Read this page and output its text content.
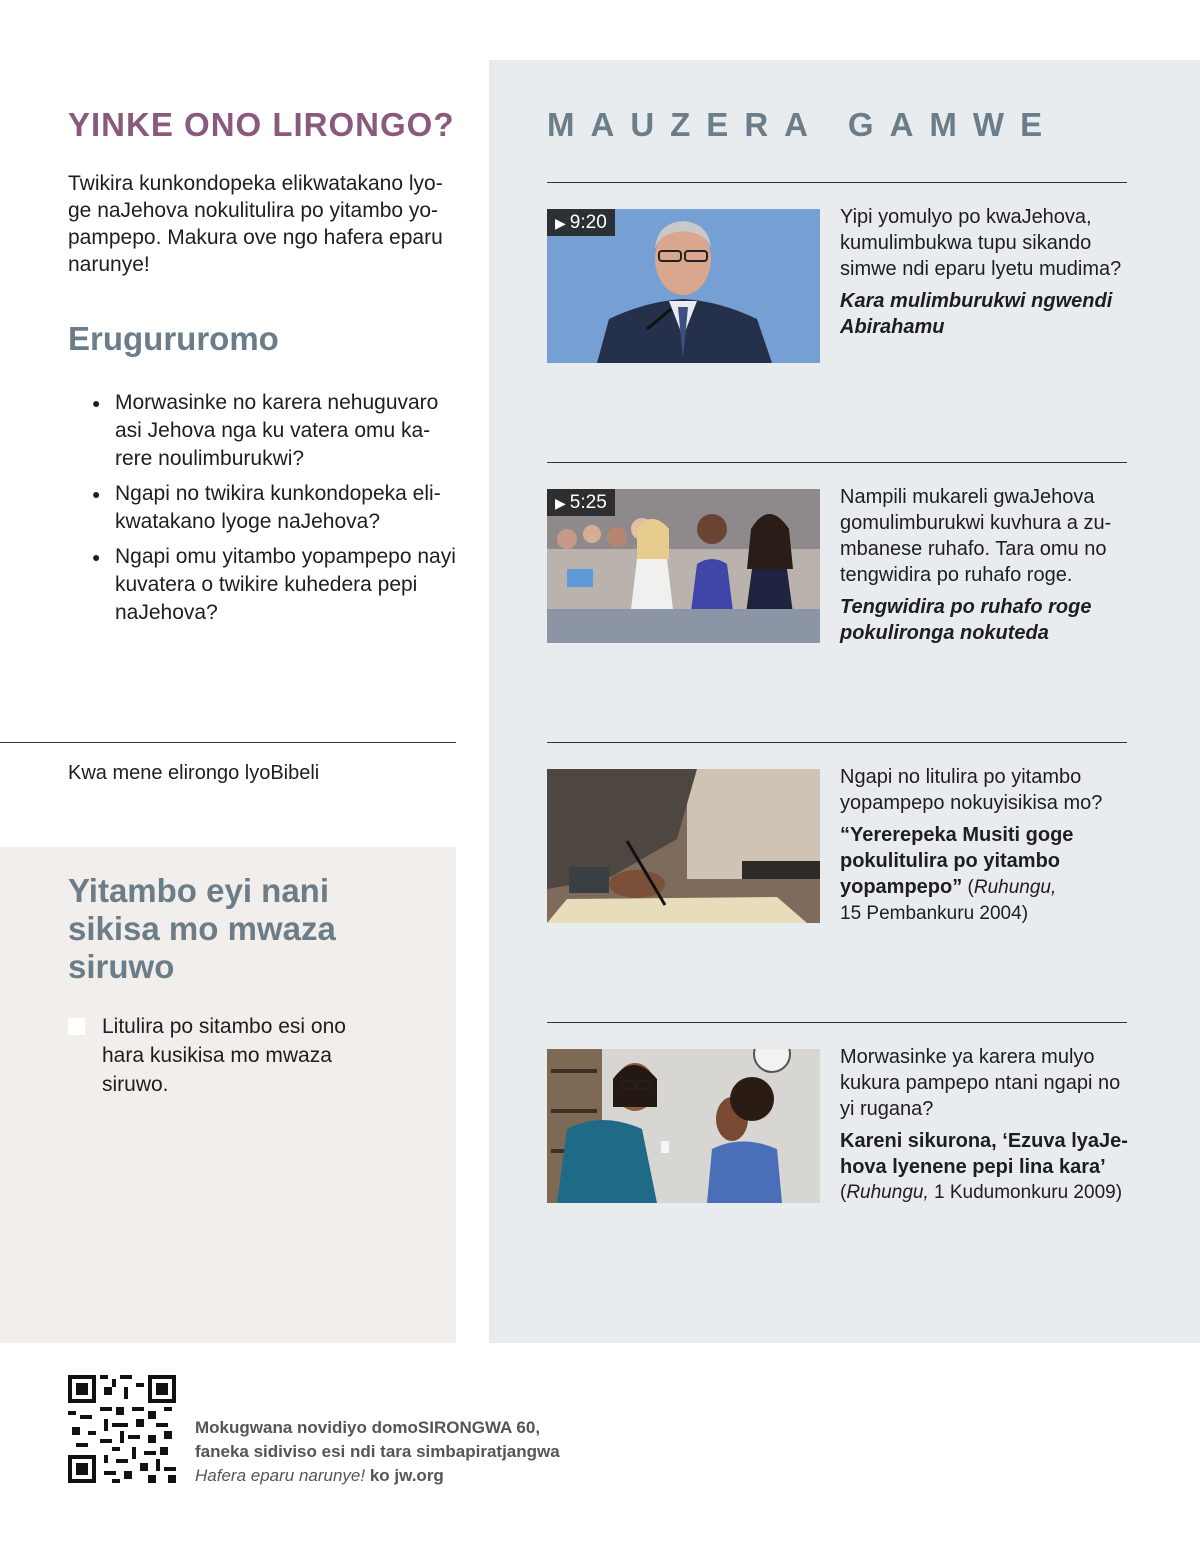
YINKE ONO LIRONGO?

Twikira kunkondopeka elikwatakano lyo-ge naJehova nokulitulira po yitambo yo-pampepo. Makura ove ngo hafera eparu narunye!

Erugururomo
● Morwasinke no karera nehuguvaro asi Jehova nga ku vatera omu ka-rere noulimburukwi?
● Ngapi no twikira kunkondopeka eli-kwatakano lyoge naJehova?
● Ngapi omu yitambo yopampepo nayi kuvatera o twikire kuhedera pepi naJehova?

Kwa mene elirongo lyoBibeli

Yitambo eyi nani sikisa mo mwaza siruwo

Litulira po sitambo esi ono hara kusikisa mo mwaza siruwo.

MAUZERA GAMWE
▶ 9:20	Yipi yomulyo po kwaJehova, kumulimbukwa tupu sikando simwe ndi eparu lyetu mudima?

Kara mulimburukwi ngwendi Abirahamu

▶ 5:25	Nampili mukareli gwaJehova gomulimburukwi kuvhura a zu-mbanese ruhafo. Tara omu no tengwidira po ruhafo roge.

Tengwidira po ruhafo roge pokulironga nokuteda

Ngapi no litulira po yitambo yopampepo nokuyisikisa mo?

“Yererepeka Musiti goge pokulitulira po yitambo yopampepo” (Ruhungu,

15 Pembankuru 2004)

Morwasinke ya karera mulyo kukura pampepo ntani ngapi no yi rugana?

Kareni sikurona, ‘Ezuva lyaJe-hova lyenene pepi lina kara’

(Ruhungu, 1 Kudumonkuru 2009)

Mokugwana novidiyo domoSIRONGWA 60,
faneka sidiviso esi ndi tara simbapiratjangwa
Hafera eparu narunye! ko jw.org
